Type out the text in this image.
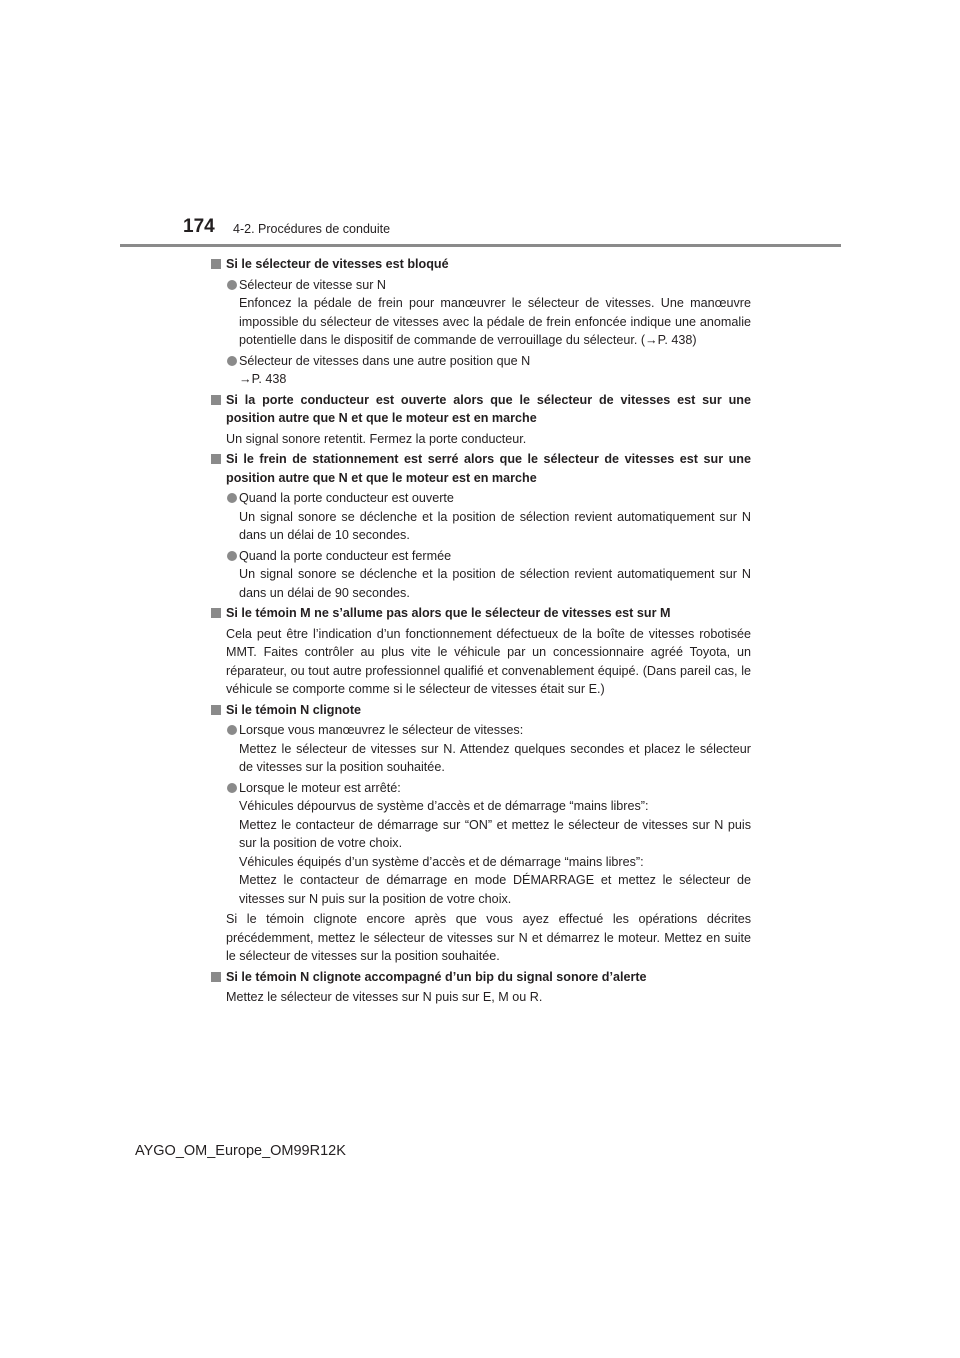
174 4-2. Procédures de conduite
Si le sélecteur de vitesses est bloqué
Sélecteur de vitesse sur N
Enfoncez la pédale de frein pour manœuvrer le sélecteur de vitesses. Une manœuvre impossible du sélecteur de vitesses avec la pédale de frein enfoncée indique une anomalie potentielle dans le dispositif de commande de verrouillage du sélecteur. (→P. 438)
Sélecteur de vitesses dans une autre position que N
→P. 438
Si la porte conducteur est ouverte alors que le sélecteur de vitesses est sur une position autre que N et que le moteur est en marche
Un signal sonore retentit. Fermez la porte conducteur.
Si le frein de stationnement est serré alors que le sélecteur de vitesses est sur une position autre que N et que le moteur est en marche
Quand la porte conducteur est ouverte
Un signal sonore se déclenche et la position de sélection revient automatiquement sur N dans un délai de 10 secondes.
Quand la porte conducteur est fermée
Un signal sonore se déclenche et la position de sélection revient automatiquement sur N dans un délai de 90 secondes.
Si le témoin M ne s’allume pas alors que le sélecteur de vitesses est sur M
Cela peut être l’indication d’un fonctionnement défectueux de la boîte de vitesses robotisée MMT. Faites contrôler au plus vite le véhicule par un concessionnaire agréé Toyota, un réparateur, ou tout autre professionnel qualifié et convenablement équipé. (Dans pareil cas, le véhicule se comporte comme si le sélecteur de vitesses était sur E.)
Si le témoin N clignote
Lorsque vous manœuvrez le sélecteur de vitesses:
Mettez le sélecteur de vitesses sur N. Attendez quelques secondes et placez le sélecteur de vitesses sur la position souhaitée.
Lorsque le moteur est arrêté:
Véhicules dépourvus de système d’accès et de démarrage “mains libres”:
Mettez le contacteur de démarrage sur “ON” et mettez le sélecteur de vitesses sur N puis sur la position de votre choix.
Véhicules équipés d’un système d’accès et de démarrage “mains libres”:
Mettez le contacteur de démarrage en mode DÉMARRAGE et mettez le sélecteur de vitesses sur N puis sur la position de votre choix.
Si le témoin clignote encore après que vous ayez effectué les opérations décrites précédemment, mettez le sélecteur de vitesses sur N et démarrez le moteur. Mettez en suite le sélecteur de vitesses sur la position souhaitée.
Si le témoin N clignote accompagné d’un bip du signal sonore d’alerte
Mettez le sélecteur de vitesses sur N puis sur E, M ou R.
AYGO_OM_Europe_OM99R12K
